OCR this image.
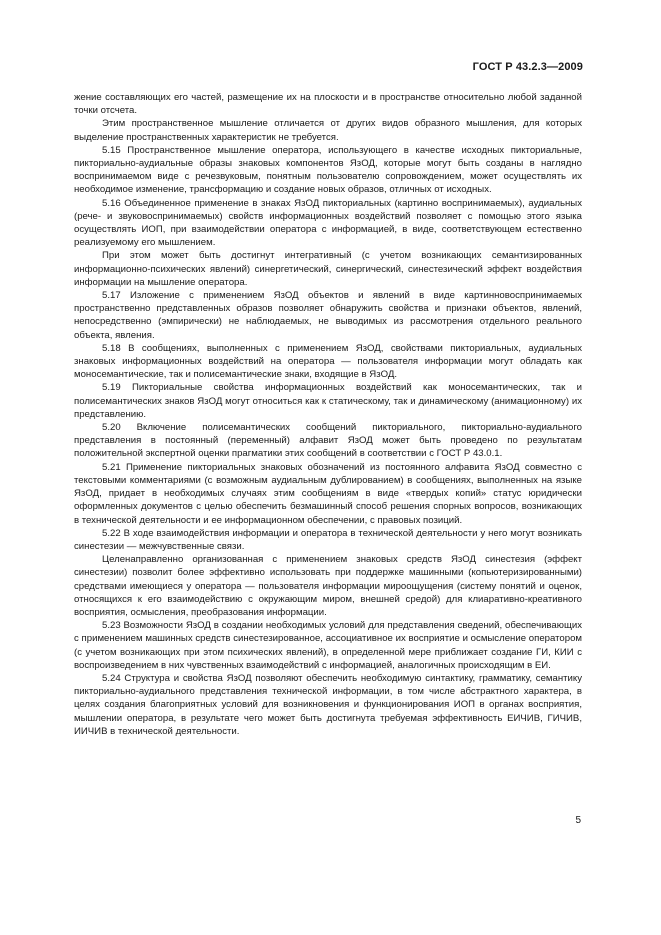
ГОСТ Р 43.2.3—2009

жение составляющих его частей, размещение их на плоскости и в пространстве относительно любой заданной точки отсчета.

Этим пространственное мышление отличается от других видов образного мышления, для которых выделение пространственных характеристик не требуется.

5.15 Пространственное мышление оператора, использующего в качестве исходных пикториальные, пикториально-аудиальные образы знаковых компонентов ЯзОД, которые могут быть созданы в наглядно воспринимаемом виде с речезвуковым, понятным пользователю сопровождением, может осуществлять их необходимое изменение, трансформацию и создание новых образов, отличных от исходных.

5.16 Объединенное применение в знаках ЯзОД пикториальных (картинно воспринимаемых), аудиальных (рече- и звуковоспринимаемых) свойств информационных воздействий позволяет с помощью этого языка осуществлять ИОП, при взаимодействии оператора с информацией, в виде, соответствующем естественно реализуемому его мышлением.

При этом может быть достигнут интегративный (с учетом возникающих семантизированных информационно-психических явлений) синергетический, синергический, синестезический эффект воздействия информации на мышление оператора.

5.17 Изложение с применением ЯзОД объектов и явлений в виде картинновоспринимаемых пространственно представленных образов позволяет обнаружить свойства и признаки объектов, явлений, непосредственно (эмпирически) не наблюдаемых, не выводимых из рассмотрения отдельного реального объекта, явления.

5.18 В сообщениях, выполненных с применением ЯзОД, свойствами пикториальных, аудиальных знаковых информационных воздействий на оператора — пользователя информации могут обладать как моносемантические, так и полисемантические знаки, входящие в ЯзОД.

5.19 Пикториальные свойства информационных воздействий как моносемантических, так и полисемантических знаков ЯзОД могут относиться как к статическому, так и динамическому (анимационному) их представлению.

5.20 Включение полисемантических сообщений пикториального, пикториально-аудиального представления в постоянный (переменный) алфавит ЯзОД может быть проведено по результатам положительной экспертной оценки прагматики этих сообщений в соответствии с ГОСТ Р 43.0.1.

5.21 Применение пикториальных знаковых обозначений из постоянного алфавита ЯзОД совместно с текстовыми комментариями (с возможным аудиальным дублированием) в сообщениях, выполненных на языке ЯзОД, придает в необходимых случаях этим сообщениям в виде «твердых копий» статус юридически оформленных документов с целью обеспечить безмашинный способ решения спорных вопросов, возникающих в технической деятельности и ее информационном обеспечении, с правовых позиций.

5.22 В ходе взаимодействия информации и оператора в технической деятельности у него могут возникать синестезии — межчувственные связи.

Целенаправленно организованная с применением знаковых средств ЯзОД синестезия (эффект синестезии) позволит более эффективно использовать при поддержке машинными (копьютеризированными) средствами имеющиеся у оператора — пользователя информации мироощущения (систему понятий и оценок, относящихся к его взаимодействию с окружающим миром, внешней средой) для клиаративно-креативного восприятия, осмысления, преобразования информации.

5.23 Возможности ЯзОД в создании необходимых условий для представления сведений, обеспечивающих с применением машинных средств синестезированное, ассоциативное их восприятие и осмысление оператором (с учетом возникающих при этом психических явлений), в определенной мере приближает создание ГИ, КИИ с воспроизведением в них чувственных взаимодействий с информацией, аналогичных происходящим в ЕИ.

5.24 Структура и свойства ЯзОД позволяют обеспечить необходимую синтактику, грамматику, семантику пикториально-аудиального представления технической информации, в том числе абстрактного характера, в целях создания благоприятных условий для возникновения и функционирования ИОП в органах восприятия, мышлении оператора, в результате чего может быть достигнута требуемая эффективность ЕИЧИВ, ГИЧИВ, ИИЧИВ в технической деятельности.

5
